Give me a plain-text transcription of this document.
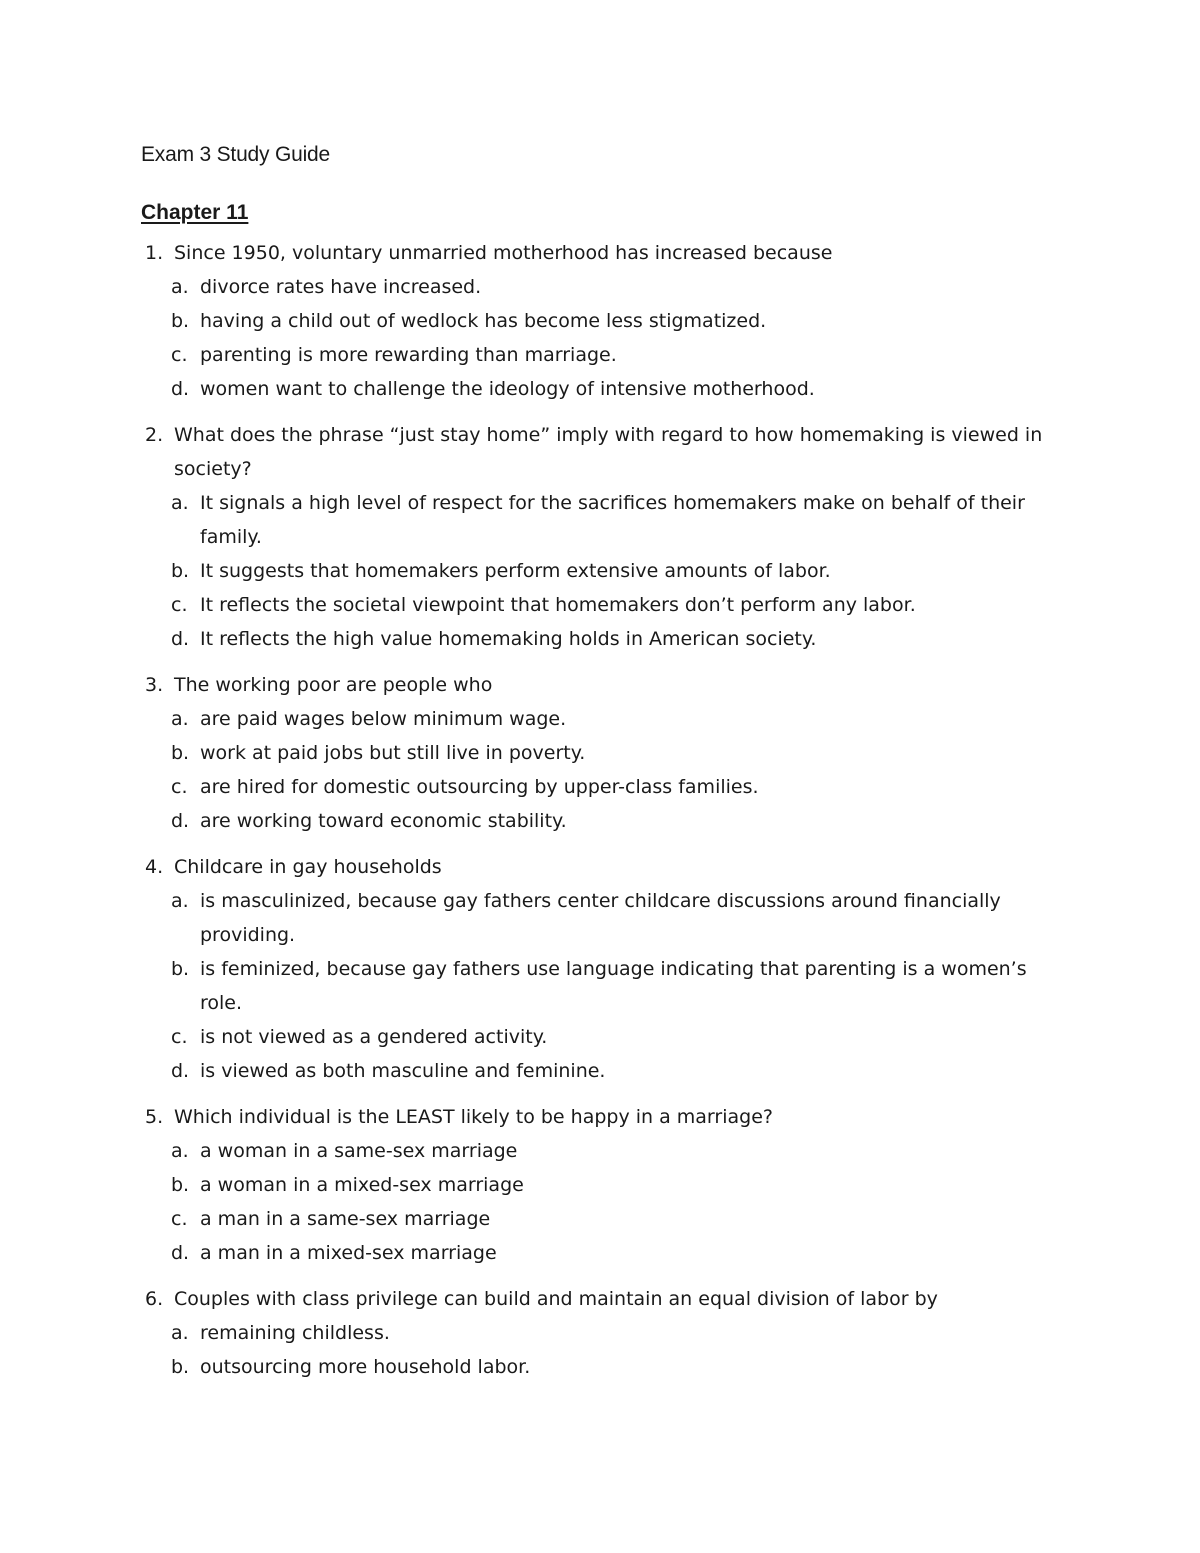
Exam 3 Study Guide
Chapter 11
1. Since 1950, voluntary unmarried motherhood has increased because
a. divorce rates have increased.
b. having a child out of wedlock has become less stigmatized.
c. parenting is more rewarding than marriage.
d. women want to challenge the ideology of intensive motherhood.
2. What does the phrase “just stay home” imply with regard to how homemaking is viewed in society?
a. It signals a high level of respect for the sacrifices homemakers make on behalf of their family.
b. It suggests that homemakers perform extensive amounts of labor.
c. It reflects the societal viewpoint that homemakers don’t perform any labor.
d. It reflects the high value homemaking holds in American society.
3. The working poor are people who
a. are paid wages below minimum wage.
b. work at paid jobs but still live in poverty.
c. are hired for domestic outsourcing by upper-class families.
d. are working toward economic stability.
4. Childcare in gay households
a. is masculinized, because gay fathers center childcare discussions around financially providing.
b. is feminized, because gay fathers use language indicating that parenting is a women’s role.
c. is not viewed as a gendered activity.
d. is viewed as both masculine and feminine.
5. Which individual is the LEAST likely to be happy in a marriage?
a. a woman in a same-sex marriage
b. a woman in a mixed-sex marriage
c. a man in a same-sex marriage
d. a man in a mixed-sex marriage
6. Couples with class privilege can build and maintain an equal division of labor by
a. remaining childless.
b. outsourcing more household labor.
